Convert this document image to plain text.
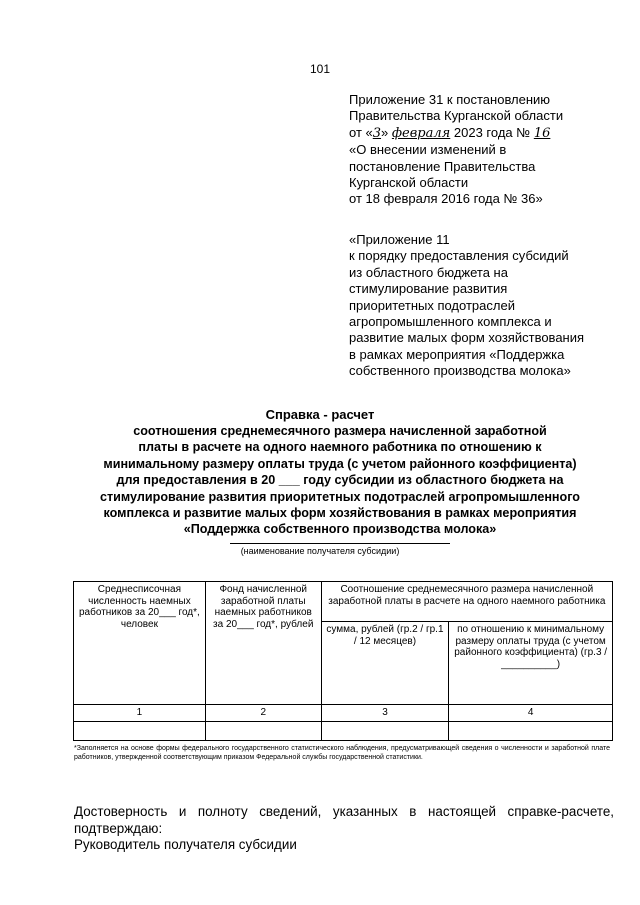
101
Приложение 31 к постановлению
Правительства Курганской области
от «3» февраля 2023 года № 16
«О внесении изменений в
постановление Правительства
Курганской области
от 18 февраля 2016 года № 36»
«Приложение 11
к порядку предоставления субсидий
из областного бюджета на
стимулирование развития
приоритетных подотраслей
агропромышленного комплекса и
развитие малых форм хозяйствования
в рамках мероприятия «Поддержка
собственного производства молока»
Справка - расчет
соотношения среднемесячного размера начисленной заработной
платы в расчете на одного наемного работника по отношению к
минимальному размеру оплаты труда (с учетом районного коэффициента)
для предоставления в 20 ___ году субсидии из областного бюджета на
стимулирование развития приоритетных подотраслей агропромышленного
комплекса и развитие малых форм хозяйствования в рамках мероприятия
«Поддержка собственного производства молока»
(наименование получателя субсидии)
Среднесписочная численность наемных работников за 20___ год*, человек	Фонд начисленной заработной платы наемных работников за 20___ год*, рублей	Соотношение среднемесячного размера начисленной заработной платы в расчете на одного наемного работника	
		сумма, рублей (гр.2 / гр.1 / 12 месяцев)	по отношению к минимальному размеру оплаты труда (с учетом районного коэффициента) (гр.3 / __________)
1	2	3	4

*Заполняется на основе формы федерального государственного статистического наблюдения, предусматривающей сведения о численности и заработной плате работников, утвержденной соответствующим приказом Федеральной службы государственной статистики.
Достоверность и полноту сведений, указанных в настоящей справке-расчете, подтверждаю:
Руководитель получателя субсидии
